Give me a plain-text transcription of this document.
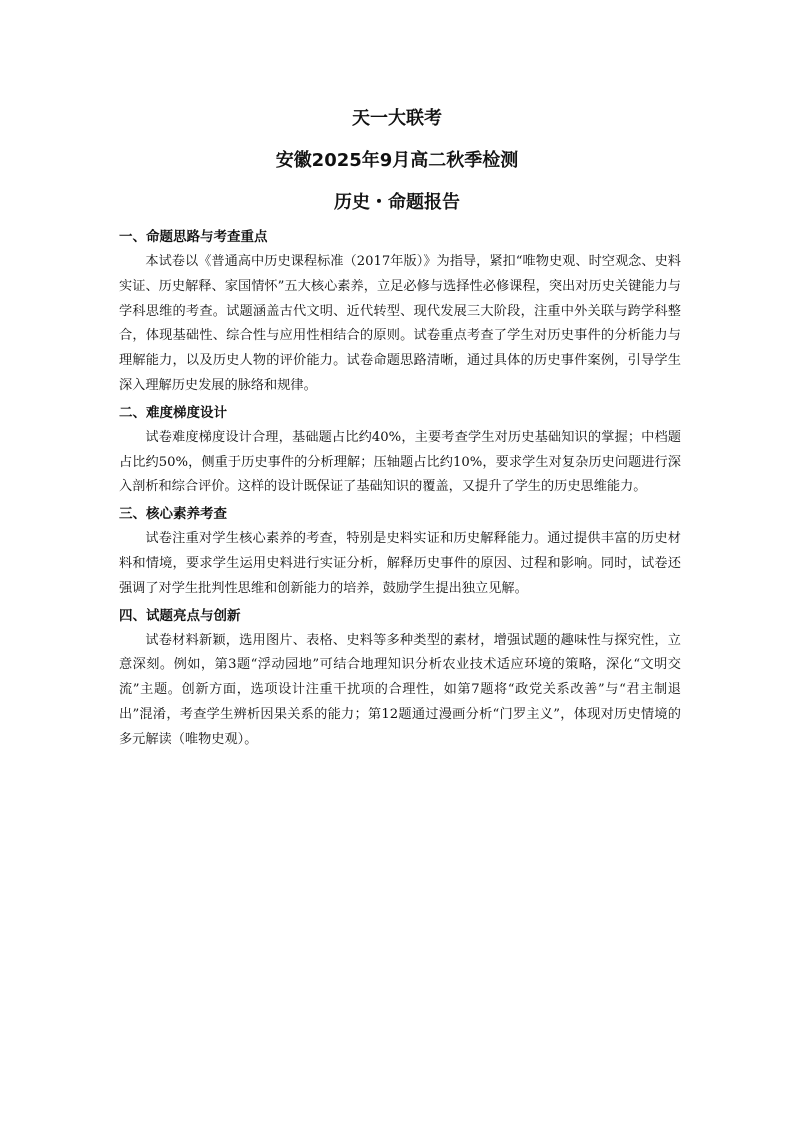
天一大联考
安徽2025年9月高二秋季检测
历史・命题报告
一、命题思路与考查重点

本试卷以《普通高中历史课程标准（2017年版）》为指导，紧扣“唯物史观、时空观念、史料实证、历史解释、家国情怀”五大核心素养，立足必修与选择性必修课程，突出对历史关键能力与学科思维的考查。试题涵盖古代文明、近代转型、现代发展三大阶段，注重中外关联与跨学科整合，体现基础性、综合性与应用性相结合的原则。试卷重点考查了学生对历史事件的分析能力与理解能力，以及历史人物的评价能力。试卷命题思路清晰，通过具体的历史事件案例，引导学生深入理解历史发展的脉络和规律。

二、难度梯度设计

试卷难度梯度设计合理，基础题占比约40%，主要考查学生对历史基础知识的掌握；中档题占比约50%，侧重于历史事件的分析理解；压轴题占比约10%，要求学生对复杂历史问题进行深入剖析和综合评价。这样的设计既保证了基础知识的覆盖，又提升了学生的历史思维能力。

三、核心素养考查

试卷注重对学生核心素养的考查，特别是史料实证和历史解释能力。通过提供丰富的历史材料和情境，要求学生运用史料进行实证分析，解释历史事件的原因、过程和影响。同时，试卷还强调了对学生批判性思维和创新能力的培养，鼓励学生提出独立见解。

四、试题亮点与创新

试卷材料新颖，选用图片、表格、史料等多种类型的素材，增强试题的趣味性与探究性，立意深刻。例如，第3题“浮动园地”可结合地理知识分析农业技术适应环境的策略，深化“文明交流”主题。创新方面，选项设计注重干扰项的合理性，如第7题将“政党关系改善”与“君主制退出”混淆，考查学生辨析因果关系的能力；第12题通过漫画分析“门罗主义”，体现对历史情境的多元解读（唯物史观）。
